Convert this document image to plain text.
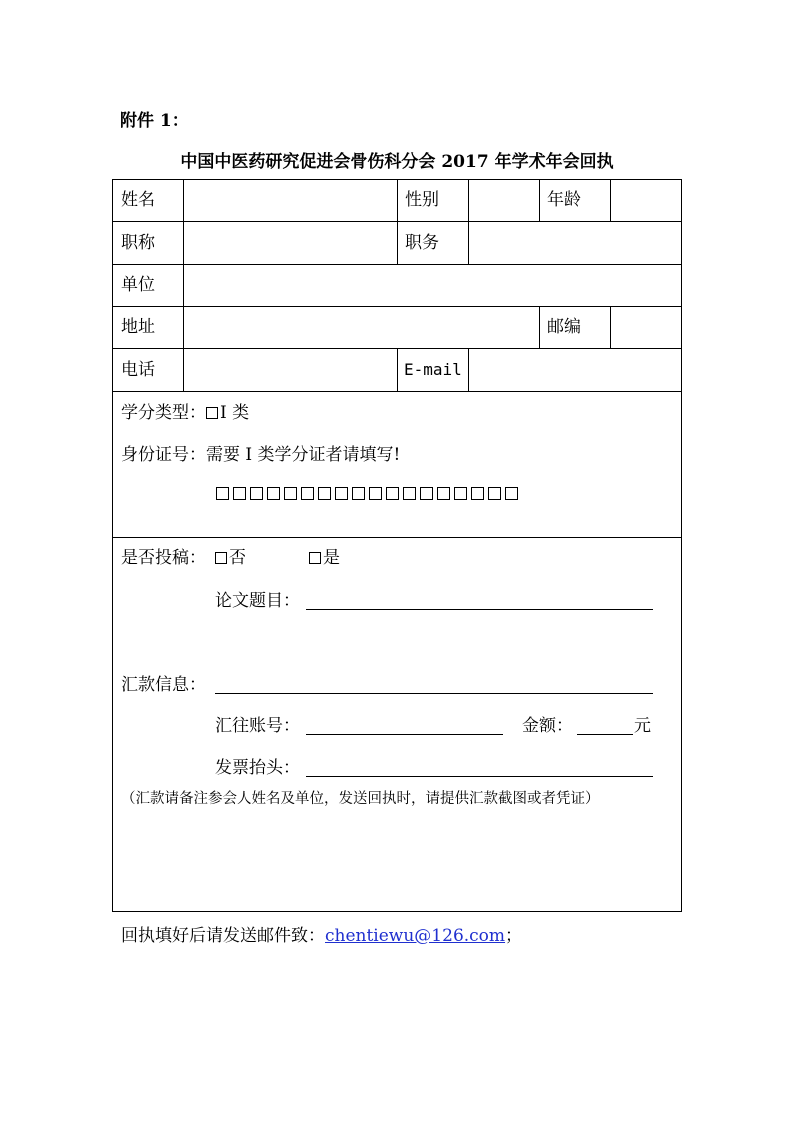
附件 1：
中国中医药研究促进会骨伤科分会 2017 年学术年会回执
姓名	性别	年龄
职称	职务
单位
地址	邮编
电话	E-mail
学分类型： I 类
身份证号：需要 I 类学分证者请填写!
是否投稿：	否	是
论文题目：
汇款信息：
汇往账号：	金额：	元
发票抬头：
（汇款请备注参会人姓名及单位，发送回执时，请提供汇款截图或者凭证）
回执填好后请发送邮件致：chentiewu@126.com；
